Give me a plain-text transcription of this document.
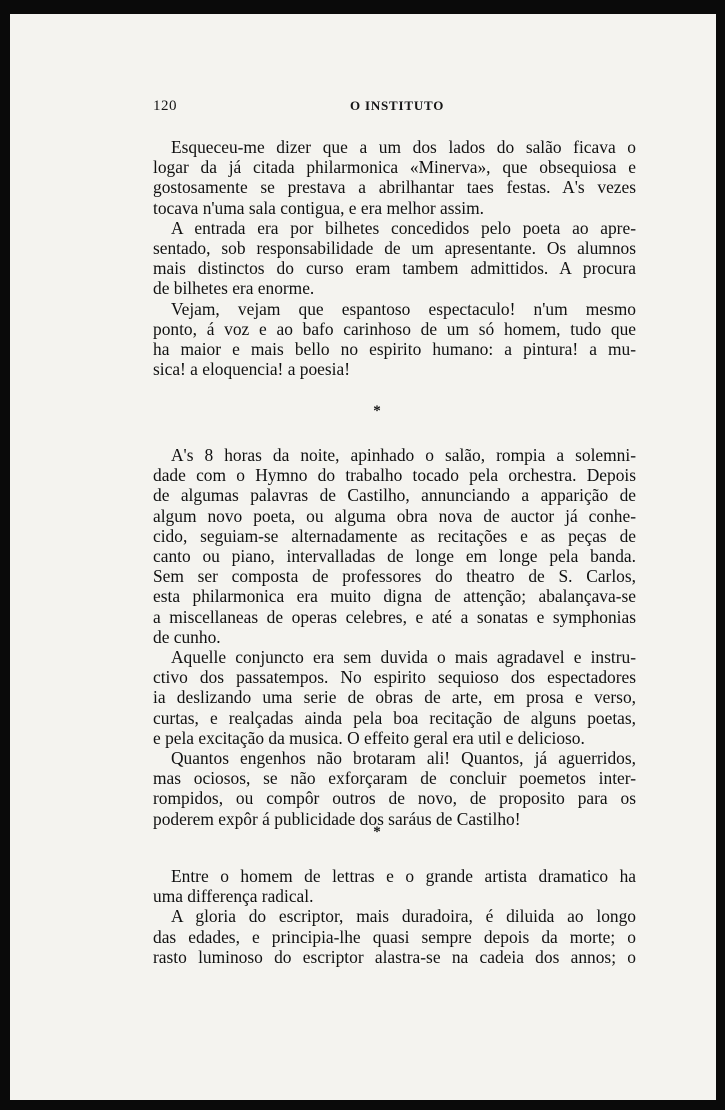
120	O INSTITUTO
Esqueceu-me dizer que a um dos lados do salão ficava o
logar da já citada philarmonica «Minerva», que obsequiosa e
gostosamente se prestava a abrilhantar taes festas. A's vezes
tocava n'uma sala contigua, e era melhor assim.
A entrada era por bilhetes concedidos pelo poeta ao apre-
sentado, sob responsabilidade de um apresentante. Os alumnos
mais distinctos do curso eram tambem admittidos. A procura
de bilhetes era enorme.
Vejam, vejam que espantoso espectaculo! n'um mesmo
ponto, á voz e ao bafo carinhoso de um só homem, tudo que
ha maior e mais bello no espirito humano: a pintura! a mu-
sica! a eloquencia! a poesia!
*
A's 8 horas da noite, apinhado o salão, rompia a solemni-
dade com o Hymno do trabalho tocado pela orchestra. Depois
de algumas palavras de Castilho, annunciando a apparição de
algum novo poeta, ou alguma obra nova de auctor já conhe-
cido, seguiam-se alternadamente as recitações e as peças de
canto ou piano, intervalladas de longe em longe pela banda.
Sem ser composta de professores do theatro de S. Carlos,
esta philarmonica era muito digna de attenção; abalançava-se
a miscellaneas de operas celebres, e até a sonatas e symphonias
de cunho.
Aquelle conjuncto era sem duvida o mais agradavel e instru-
ctivo dos passatempos. No espirito sequioso dos espectadores
ia deslizando uma serie de obras de arte, em prosa e verso,
curtas, e realçadas ainda pela boa recitação de alguns poetas,
e pela excitação da musica. O effeito geral era util e delicioso.
Quantos engenhos não brotaram ali! Quantos, já aguerridos,
mas ociosos, se não exforçaram de concluir poemetos inter-
rompidos, ou compôr outros de novo, de proposito para os
poderem expôr á publicidade dos saráus de Castilho!
*
Entre o homem de lettras e o grande artista dramatico ha
uma differença radical.
A gloria do escriptor, mais duradoira, é diluida ao longo
das edades, e principia-lhe quasi sempre depois da morte; o
rasto luminoso do escriptor alastra-se na cadeia dos annos; o
